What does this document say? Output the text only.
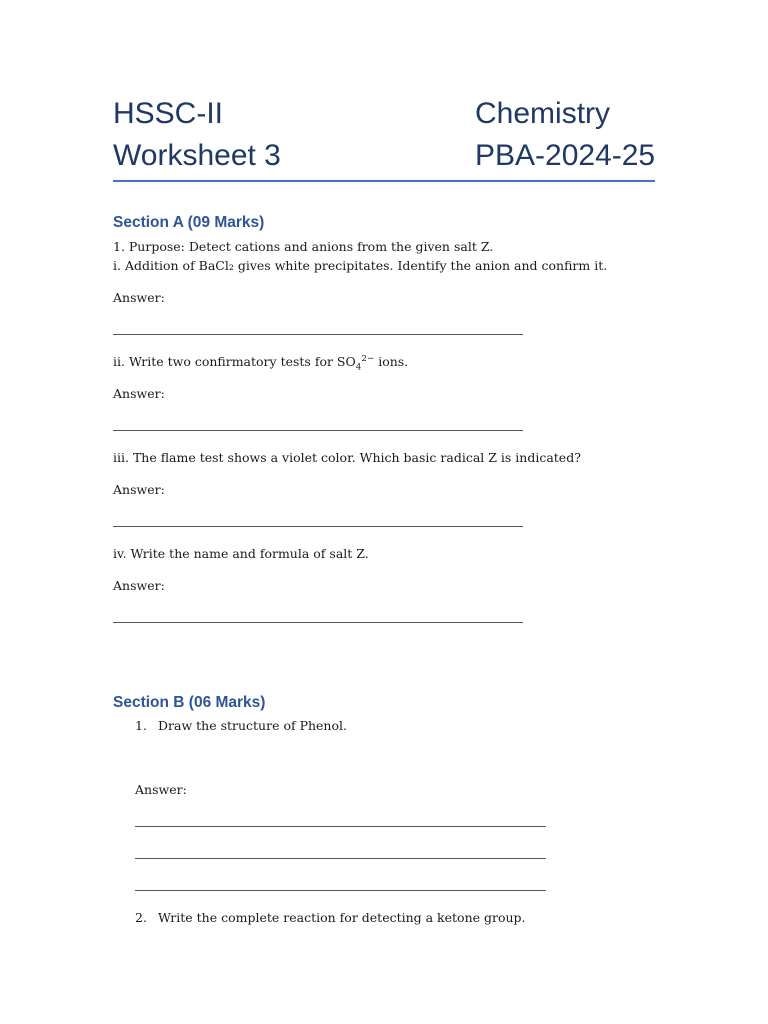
HSSC-II	Chemistry
Worksheet 3	PBA-2024-25
Section A (09 Marks)
1. Purpose: Detect cations and anions from the given salt Z.
i. Addition of BaCl₂ gives white precipitates. Identify the anion and confirm it.
Answer:
ii. Write two confirmatory tests for $SO_4^{2-}$ ions.
Answer:
iii. The flame test shows a violet color. Which basic radical Z is indicated?
Answer:
iv. Write the name and formula of salt Z.
Answer:
Section B (06 Marks)
1. Draw the structure of Phenol.
Answer:
2. Write the complete reaction for detecting a ketone group.
